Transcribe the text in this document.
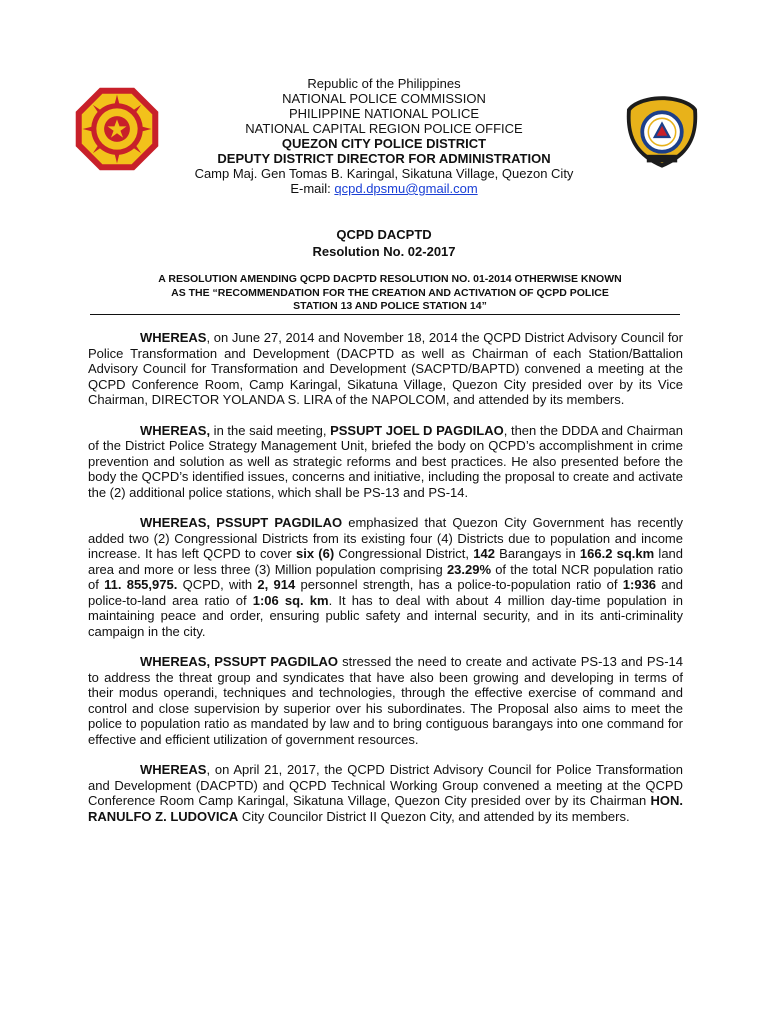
Republic of the Philippines
NATIONAL POLICE COMMISSION
PHILIPPINE NATIONAL POLICE
NATIONAL CAPITAL REGION POLICE OFFICE
QUEZON CITY POLICE DISTRICT
DEPUTY DISTRICT DIRECTOR FOR ADMINISTRATION
Camp Maj. Gen Tomas B. Karingal, Sikatuna Village, Quezon City
E-mail: qcpd.dpsmu@gmail.com
QCPD DACPTD
Resolution No. 02-2017
A RESOLUTION AMENDING QCPD DACPTD RESOLUTION NO. 01-2014 OTHERWISE KNOWN
AS THE “RECOMMENDATION FOR THE CREATION AND ACTIVATION OF QCPD POLICE
STATION 13 AND POLICE STATION 14”

WHEREAS, on June 27, 2014 and November 18, 2014 the QCPD District Advisory Council for Police Transformation and Development (DACPTD as well as Chairman of each Station/Battalion Advisory Council for Transformation and Development (SACPTD/BAPTD) convened a meeting at the QCPD Conference Room, Camp Karingal, Sikatuna Village, Quezon City presided over by its Vice Chairman, DIRECTOR YOLANDA S. LIRA of the NAPOLCOM, and attended by its members.

WHEREAS, in the said meeting, PSSUPT JOEL D PAGDILAO, then the DDDA and Chairman of the District Police Strategy Management Unit, briefed the body on QCPD’s accomplishment in crime prevention and solution as well as strategic reforms and best practices. He also presented before the body the QCPD’s identified issues, concerns and initiative, including the proposal to create and activate the (2) additional police stations, which shall be PS-13 and PS-14.

WHEREAS, PSSUPT PAGDILAO emphasized that Quezon City Government has recently added two (2) Congressional Districts from its existing four (4) Districts due to population and income increase. It has left QCPD to cover six (6) Congressional District, 142 Barangays in 166.2 sq.km land area and more or less three (3) Million population comprising 23.29% of the total NCR population ratio of 11. 855,975. QCPD, with 2, 914 personnel strength, has a police-to-population ratio of 1:936 and police-to-land area ratio of 1:06 sq. km. It has to deal with about 4 million day-time population in maintaining peace and order, ensuring public safety and internal security, and in its anti-criminality campaign in the city.

WHEREAS, PSSUPT PAGDILAO stressed the need to create and activate PS-13 and PS-14 to address the threat group and syndicates that have also been growing and developing in terms of their modus operandi, techniques and technologies, through the effective exercise of command and control and close supervision by superior over his subordinates. The Proposal also aims to meet the police to population ratio as mandated by law and to bring contiguous barangays into one command for effective and efficient utilization of government resources.

WHEREAS, on April 21, 2017, the QCPD District Advisory Council for Police Transformation and Development (DACPTD) and QCPD Technical Working Group convened a meeting at the QCPD Conference Room Camp Karingal, Sikatuna Village, Quezon City presided over by its Chairman HON. RANULFO Z. LUDOVICA City Councilor District II Quezon City, and attended by its members.
